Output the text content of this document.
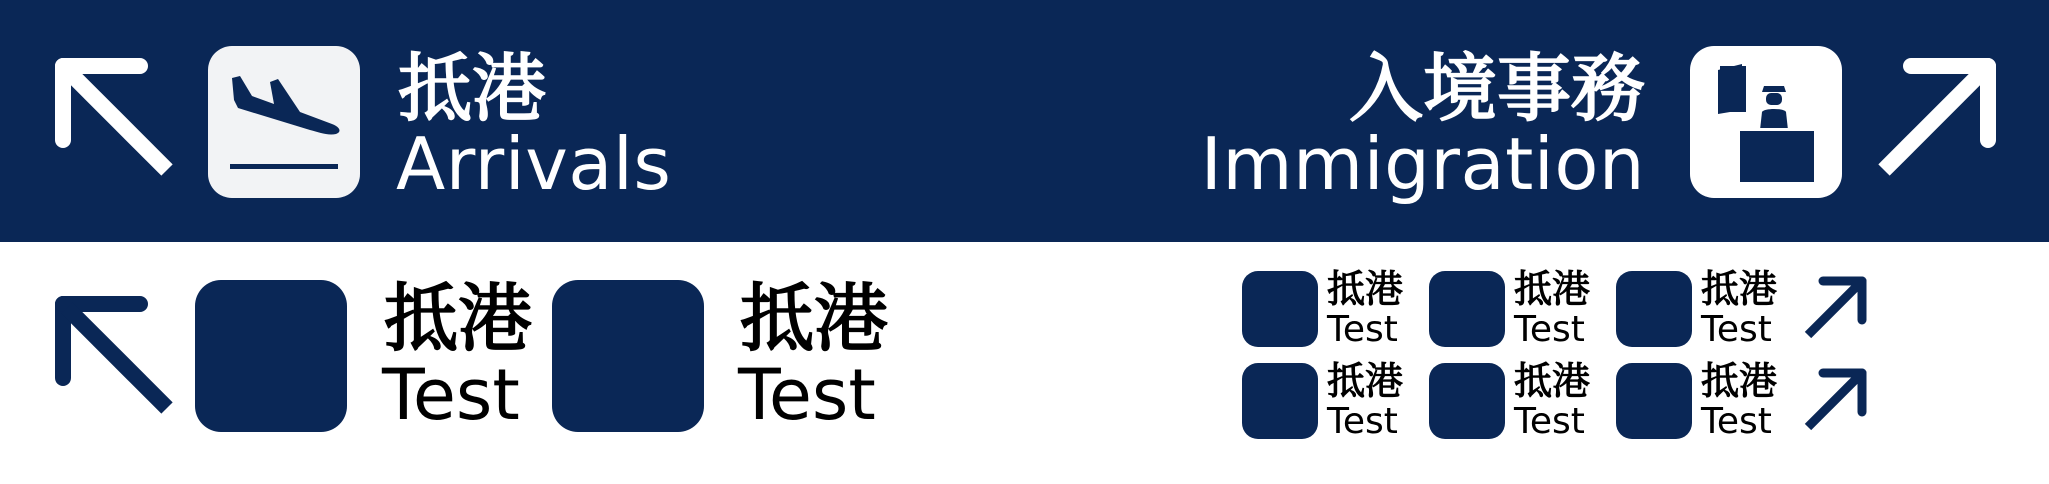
抵港
Arrivals
入境事務
Immigration
抵港
Test
抵港
Test
抵港
Test
抵港
Test
抵港
Test
抵港
Test
抵港
Test
抵港
Test
